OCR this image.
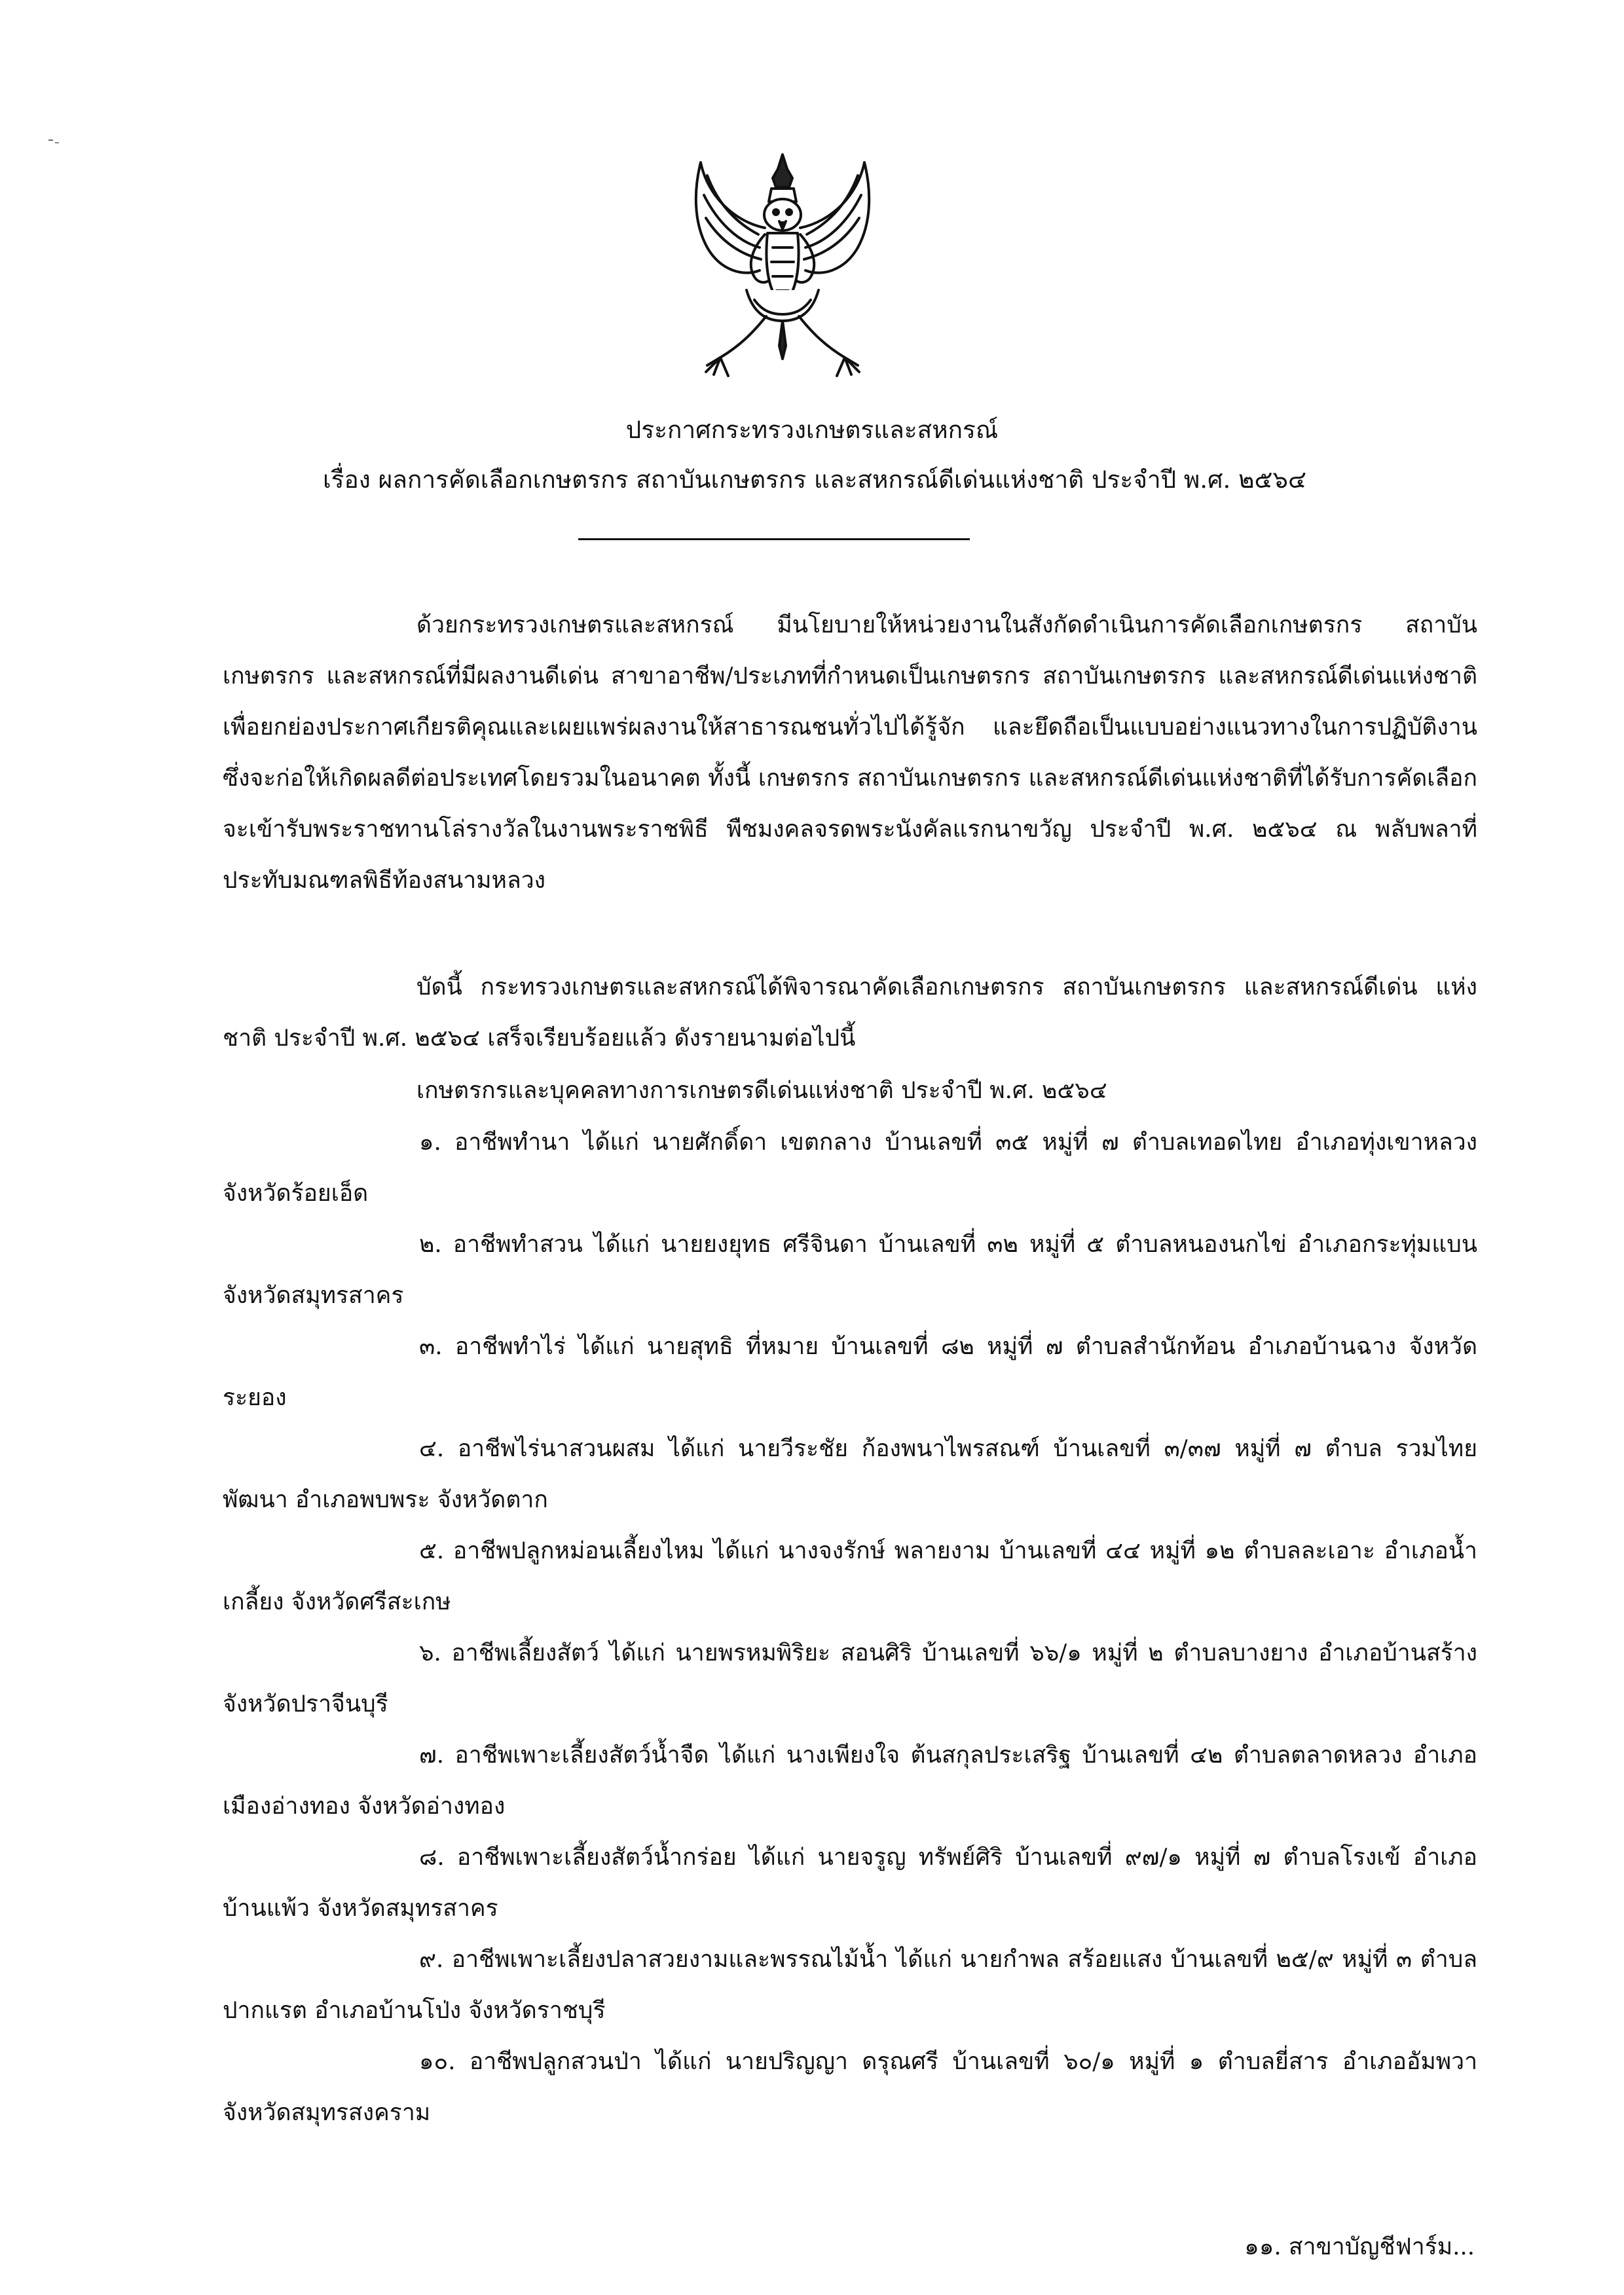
ประกาศกระทรวงเกษตรและสหกรณ์
เรื่อง ผลการคัดเลือกเกษตรกร สถาบันเกษตรกร และสหกรณ์ดีเด่นแห่งชาติ ประจำปี พ.ศ. ๒๕๖๔

ด้วยกระทรวงเกษตรและสหกรณ์ มีนโยบายให้หน่วยงานในสังกัดดำเนินการคัดเลือกเกษตรกร สถาบันเกษตรกร และสหกรณ์ที่มีผลงานดีเด่น สาขาอาชีพ/ประเภทที่กำหนดเป็นเกษตรกร สถาบันเกษตรกร และสหกรณ์ดีเด่นแห่งชาติ เพื่อยกย่องประกาศเกียรติคุณและเผยแพร่ผลงานให้สาธารณชนทั่วไปได้รู้จัก และยึดถือเป็นแบบอย่างแนวทางในการปฏิบัติงาน ซึ่งจะก่อให้เกิดผลดีต่อประเทศโดยรวมในอนาคต ทั้งนี้ เกษตรกร สถาบันเกษตรกร และสหกรณ์ดีเด่นแห่งชาติที่ได้รับการคัดเลือก จะเข้ารับพระราชทานโล่รางวัลในงานพระราชพิธี พืชมงคลจรดพระนังคัลแรกนาขวัญ ประจำปี พ.ศ. ๒๕๖๔ ณ พลับพลาที่ประทับมณฑลพิธีท้องสนามหลวง

บัดนี้ กระทรวงเกษตรและสหกรณ์ได้พิจารณาคัดเลือกเกษตรกร สถาบันเกษตรกร และสหกรณ์ดีเด่น แห่งชาติ ประจำปี พ.ศ. ๒๕๖๔ เสร็จเรียบร้อยแล้ว ดังรายนามต่อไปนี้

เกษตรกรและบุคคลทางการเกษตรดีเด่นแห่งชาติ ประจำปี พ.ศ. ๒๕๖๔

๑. อาชีพทำนา ได้แก่ นายศักดิ์ดา เขตกลาง บ้านเลขที่ ๓๕ หมู่ที่ ๗ ตำบลเทอดไทย อำเภอทุ่งเขาหลวง จังหวัดร้อยเอ็ด

๒. อาชีพทำสวน ได้แก่ นายยงยุทธ ศรีจินดา บ้านเลขที่ ๓๒ หมู่ที่ ๕ ตำบลหนองนกไข่ อำเภอกระทุ่มแบน จังหวัดสมุทรสาคร

๓. อาชีพทำไร่ ได้แก่ นายสุทธิ ที่หมาย บ้านเลขที่ ๘๒ หมู่ที่ ๗ ตำบลสำนักท้อน อำเภอบ้านฉาง จังหวัดระยอง

๔. อาชีพไร่นาสวนผสม ได้แก่ นายวีระชัย ก้องพนาไพรสณฑ์ บ้านเลขที่ ๓/๓๗ หมู่ที่ ๗ ตำบล รวมไทยพัฒนา อำเภอพบพระ จังหวัดตาก

๕. อาชีพปลูกหม่อนเลี้ยงไหม ได้แก่ นางจงรักษ์ พลายงาม บ้านเลขที่ ๔๔ หมู่ที่ ๑๒ ตำบลละเอาะ อำเภอน้ำเกลี้ยง จังหวัดศรีสะเกษ

๖. อาชีพเลี้ยงสัตว์ ได้แก่ นายพรหมพิริยะ สอนศิริ บ้านเลขที่ ๖๖/๑ หมู่ที่ ๒ ตำบลบางยาง อำเภอบ้านสร้าง จังหวัดปราจีนบุรี

๗. อาชีพเพาะเลี้ยงสัตว์น้ำจืด ได้แก่ นางเพียงใจ ต้นสกุลประเสริฐ บ้านเลขที่ ๔๒ ตำบลตลาดหลวง อำเภอเมืองอ่างทอง จังหวัดอ่างทอง

๘. อาชีพเพาะเลี้ยงสัตว์น้ำกร่อย ได้แก่ นายจรูญ ทรัพย์ศิริ บ้านเลขที่ ๙๗/๑ หมู่ที่ ๗ ตำบลโรงเข้ อำเภอบ้านแพ้ว จังหวัดสมุทรสาคร

๙. อาชีพเพาะเลี้ยงปลาสวยงามและพรรณไม้น้ำ ได้แก่ นายกำพล สร้อยแสง บ้านเลขที่ ๒๕/๙ หมู่ที่ ๓ ตำบลปากแรต อำเภอบ้านโป่ง จังหวัดราชบุรี

๑๐. อาชีพปลูกสวนป่า ได้แก่ นายปริญญา ดรุณศรี บ้านเลขที่ ๖๐/๑ หมู่ที่ ๑ ตำบลยี่สาร อำเภออัมพวา จังหวัดสมุทรสงคราม

๑๑. สาขาบัญชีฟาร์ม...
